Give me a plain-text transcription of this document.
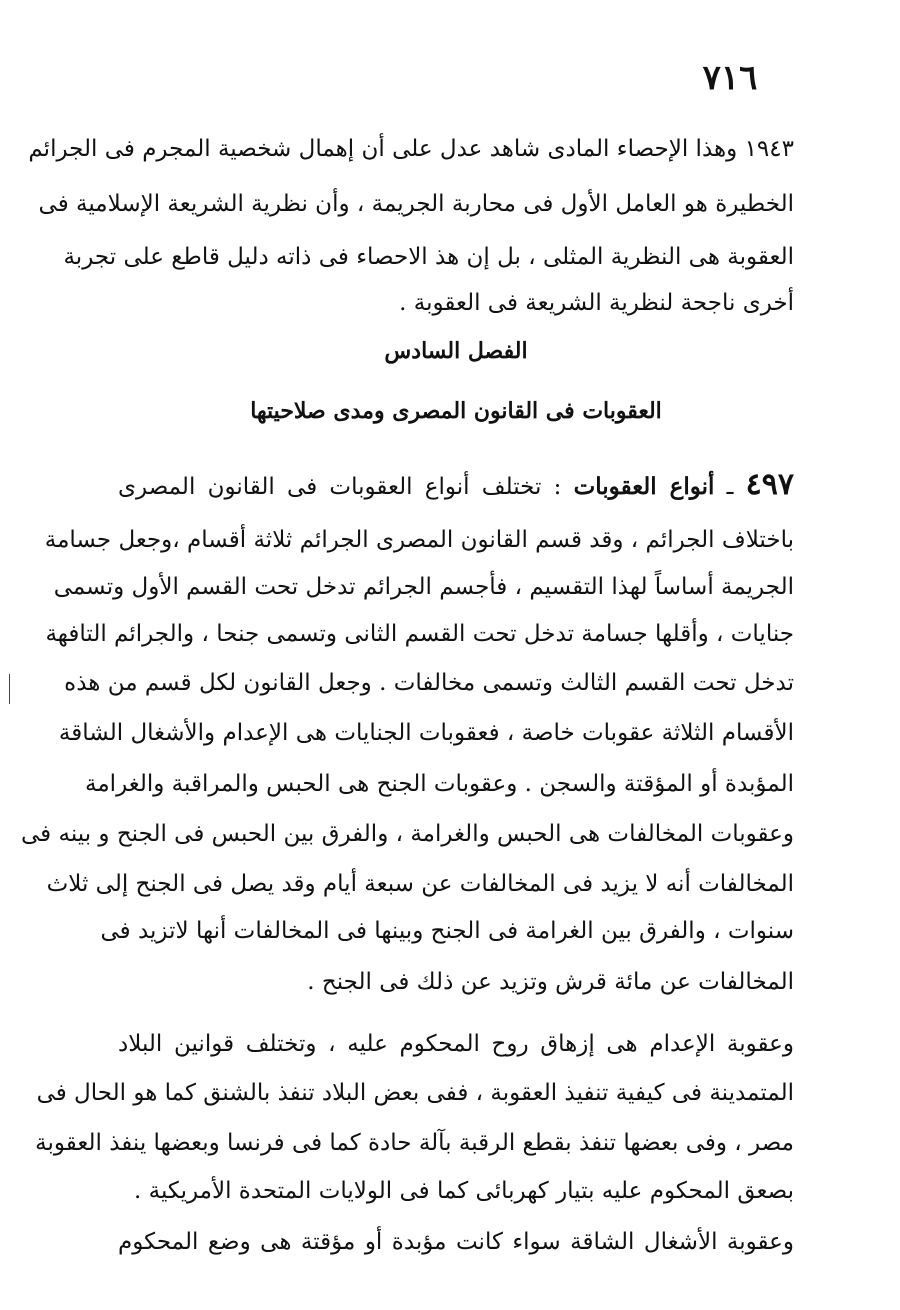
٧١٦
١٩٤٣ وهذا الإحصاء المادى شاهد عدل على أن إهمال شخصية المجرم فى الجرائم
الخطيرة هو العامل الأول فى محاربة الجريمة ، وأن نظرية الشريعة الإسلامية فى
العقوبة هى النظرية المثلى ، بل إن هذ الاحصاء فى ذاته دليل قاطع على تجربة
أخرى ناجحة لنظرية الشريعة فى العقوبة .
الفصل السادس
العقوبات فى القانون المصرى ومدى صلاحيتها
٤٩٧ ـ أنواع العقوبات : تختلف أنواع العقوبات فى القانون المصرى
باختلاف الجرائم ، وقد قسم القانون المصرى الجرائم ثلاثة أقسام ،وجعل جسامة
الجريمة أساساً لهذا التقسيم ، فأجسم الجرائم تدخل تحت القسم الأول وتسمى
جنايات ، وأقلها جسامة تدخل تحت القسم الثانى وتسمى جنحا ، والجرائم التافهة
تدخل تحت القسم الثالث وتسمى مخالفات . وجعل القانون لكل قسم من هذه
الأقسام الثلاثة عقوبات خاصة ، فعقوبات الجنايات هى الإعدام والأشغال الشاقة
المؤبدة أو المؤقتة والسجن . وعقوبات الجنح هى الحبس والمراقبة والغرامة
وعقوبات المخالفات هى الحبس والغرامة ، والفرق بين الحبس فى الجنح و بينه فى
المخالفات أنه لا يزيد فى المخالفات عن سبعة أيام وقد يصل فى الجنح إلى ثلاث
سنوات ، والفرق بين الغرامة فى الجنح وبينها فى المخالفات أنها لاتزيد فى
المخالفات عن مائة قرش وتزيد عن ذلك فى الجنح .
وعقوبة الإعدام هى إزهاق روح المحكوم عليه ، وتختلف قوانين البلاد
المتمدينة فى كيفية تنفيذ العقوبة ، ففى بعض البلاد تنفذ بالشنق كما هو الحال فى
مصر ، وفى بعضها تنفذ بقطع الرقبة بآلة حادة كما فى فرنسا وبعضها ينفذ العقوبة
بصعق المحكوم عليه بتيار كهربائى كما فى الولايات المتحدة الأمريكية .
وعقوبة الأشغال الشاقة سواء كانت مؤبدة أو مؤقتة هى وضع المحكوم
